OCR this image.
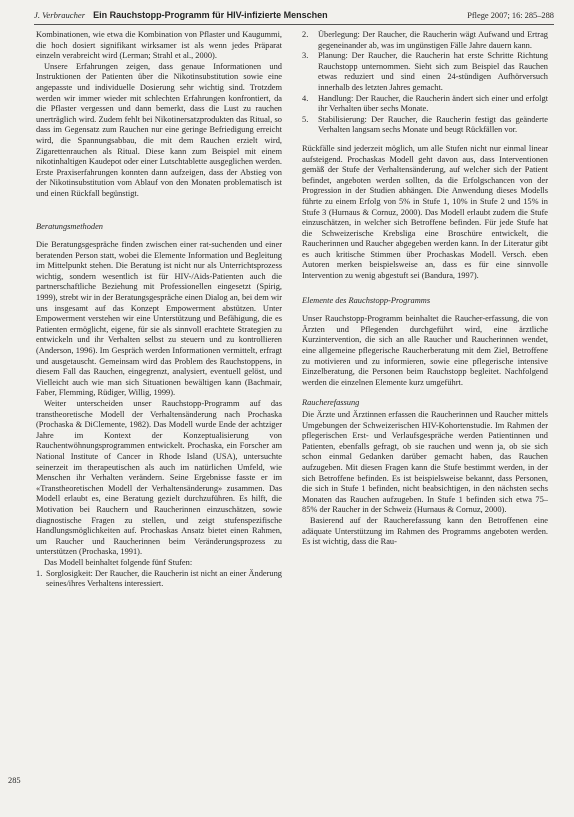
J. Verbraucher Ein Rauchstopp-Programm für HIV-infizierte Menschen	Pflege 2007; 16: 285–288

Kombinationen, wie etwa die Kombination von Pflaster und Kaugummi, die hoch dosiert signifikant wirksamer ist als wenn jedes Präparat einzeln verabreicht wird (Lerman; Strahl et al., 2000).

Unsere Erfahrungen zeigen, dass genaue Informationen und Instruktionen der Patienten über die Nikotinsubstitution sowie eine angepasste und individuelle Dosierung sehr wichtig sind. Trotzdem werden wir immer wieder mit schlechten Erfahrungen konfrontiert, da die Pflaster vergessen und dann bemerkt, dass die Lust zu rauchen unerträglich wird. Zudem fehlt bei Nikotinersatzprodukten das Ritual, so dass im Gegensatz zum Rauchen nur eine geringe Befriedigung erreicht wird, die Spannungsabbau, die mit dem Rauchen erzielt wird, Zigarettenrauchen als Ritual. Diese kann zum Beispiel mit einem nikotinhaltigen Kaudepot oder einer Lutschtablette ausgeglichen werden. Erste Praxiserfahrungen konnten dann aufzeigen, dass der Abstieg von der Nikotinsubstitution vom Ablauf von den Monaten problematisch ist und einen Rückfall begünstigt.

Beratungsmethoden

Die Beratungsgespräche finden zwischen einer rat-suchenden und einer beratenden Person statt, wobei die Elemente Information und Begleitung im Mittelpunkt stehen. Die Beratung ist nicht nur als Unterrichtsprozess wichtig, sondern wesentlich ist für HIV-/Aids-Patienten auch die partnerschaftliche Beziehung mit Professionellen eingesetzt (Spirig, 1999), strebt wir in der Beratungsgespräche einen Dialog an, bei dem wir uns insgesamt auf das Konzept Empowerment abstützen. Unter Empowerment verstehen wir eine Unterstützung und Befähigung, die es Patienten ermöglicht, eigene, für sie als sinnvoll erachtete Strategien zu entwickeln und ihr Verhalten selbst zu steuern und zu kontrollieren (Anderson, 1996). Im Gespräch werden Informationen vermittelt, erfragt und ausgetauscht. Gemeinsam wird das Problem des Rauchstoppens, in diesem Fall das Rauchen, eingegrenzt, analysiert, eventuell gelöst, und Vielleicht auch wie man sich Situationen bewältigen kann (Bachmair, Faber, Flemming, Rüdiger, Willig, 1999).

Weiter unterscheiden unser Rauchstopp-Programm auf das transtheoretische Modell der Verhaltensänderung nach Prochaska (Prochaska & DiClemente, 1982). Das Modell wurde Ende der achtziger Jahre im Kontext der Konzeptualisierung von Rauchentwöhnungsprogrammen entwickelt. Prochaska, ein Forscher am National Institute of Cancer in Rhode Island (USA), untersuchte seinerzeit im therapeutischen als auch im natürlichen Umfeld, wie Menschen ihr Verhalten verändern. Seine Ergebnisse fasste er im «Transtheoretischen Modell der Verhaltensänderung» zusammen. Das Modell erlaubt es, eine Beratung gezielt durchzuführen. Es hilft, die Motivation bei Rauchern und Raucherinnen einzuschätzen, sowie diagnostische Fragen zu stellen, und zeigt stufenspezifische Handlungsmöglichkeiten auf. Prochaskas Ansatz bietet einen Rahmen, um Raucher und Raucherinnen beim Veränderungsprozess zu unterstützen (Prochaska, 1991).

Das Modell beinhaltet folgende fünf Stufen:

1. Sorglosigkeit: Der Raucher, die Raucherin ist nicht an einer Änderung seines/ihres Verhaltens interessiert.
2. Überlegung: Der Raucher, die Raucherin wägt Aufwand und Ertrag gegeneinander ab, was im ungünstigen Fälle Jahre dauern kann.
3. Planung: Der Raucher, die Raucherin hat erste Schritte Richtung Rauchstopp unternommen. Sieht sich zum Beispiel das Rauchen etwas reduziert und sind einen 24-stündigen Aufhörversuch innerhalb des letzten Jahres gemacht.
4. Handlung: Der Raucher, die Raucherin ändert sich einer und erfolgt ihr Verhalten über sechs Monate.
5. Stabilisierung: Der Raucher, die Raucherin festigt das geänderte Verhalten langsam sechs Monate und beugt Rückfällen vor.

Rückfälle sind jederzeit möglich, um alle Stufen nicht nur einmal linear aufsteigend. Prochaskas Modell geht davon aus, dass Interventionen gemäß der Stufe der Verhaltensänderung, auf welcher sich der Patient befindet, angeboten werden sollten, da die Erfolgschancen von der Progression in der Studien abhängen. Die Anwendung dieses Modells führte zu einem Erfolg von 5% in Stufe 1, 10% in Stufe 2 und 15% in Stufe 3 (Hurnaus & Cornuz, 2000). Das Modell erlaubt zudem die Stufe einzuschätzen, in welcher sich Betroffene befinden. Für jede Stufe hat die Schweizerische Krebsliga eine Broschüre entwickelt, die Raucherinnen und Raucher abgegeben werden kann. In der Literatur gibt es auch kritische Stimmen über Prochaskas Modell. Versch. eben Autoren merken beispielsweise an, dass es für eine sinnvolle Intervention zu wenig abgestuft sei (Bandura, 1997).

Elemente des Rauchstopp-Programms

Unser Rauchstopp-Programm beinhaltet die Raucher-erfassung, die von Ärzten und Pflegenden durchgeführt wird, eine ärztliche Kurzintervention, die sich an alle Raucher und Raucherinnen wendet, eine allgemeine pflegerische Raucherberatung mit dem Ziel, Betroffene zu motivieren und zu informieren, sowie eine pflegerische intensive Einzelberatung, die Personen beim Rauchstopp begleitet. Nachfolgend werden die einzelnen Elemente kurz umgeführt.

Raucherefassung

Die Ärzte und Ärztinnen erfassen die Raucherinnen und Raucher mittels Umgebungen der Schweizerischen HIV-Kohortenstudie. Im Rahmen der pflegerischen Erst- und Verlaufsgespräche werden Patientinnen und Patienten, ebenfalls gefragt, ob sie rauchen und wenn ja, ob sie sich schon einmal Gedanken darüber gemacht haben, das Rauchen aufzugeben. Mit diesen Fragen kann die Stufe bestimmt werden, in der sich Betroffene befinden. Es ist beispielsweise bekannt, dass Personen, die sich in Stufe 1 befinden, nicht beabsichtigen, in den nächsten sechs Monaten das Rauchen aufzugeben. In Stufe 1 befinden sich etwa 75–85% der Raucher in der Schweiz (Hurnaus & Cornuz, 2000).

Basierend auf der Raucherefassung kann den Betroffenen eine adäquate Unterstützung im Rahmen des Programms angeboten werden. Es ist wichtig, dass die Rau-

285
